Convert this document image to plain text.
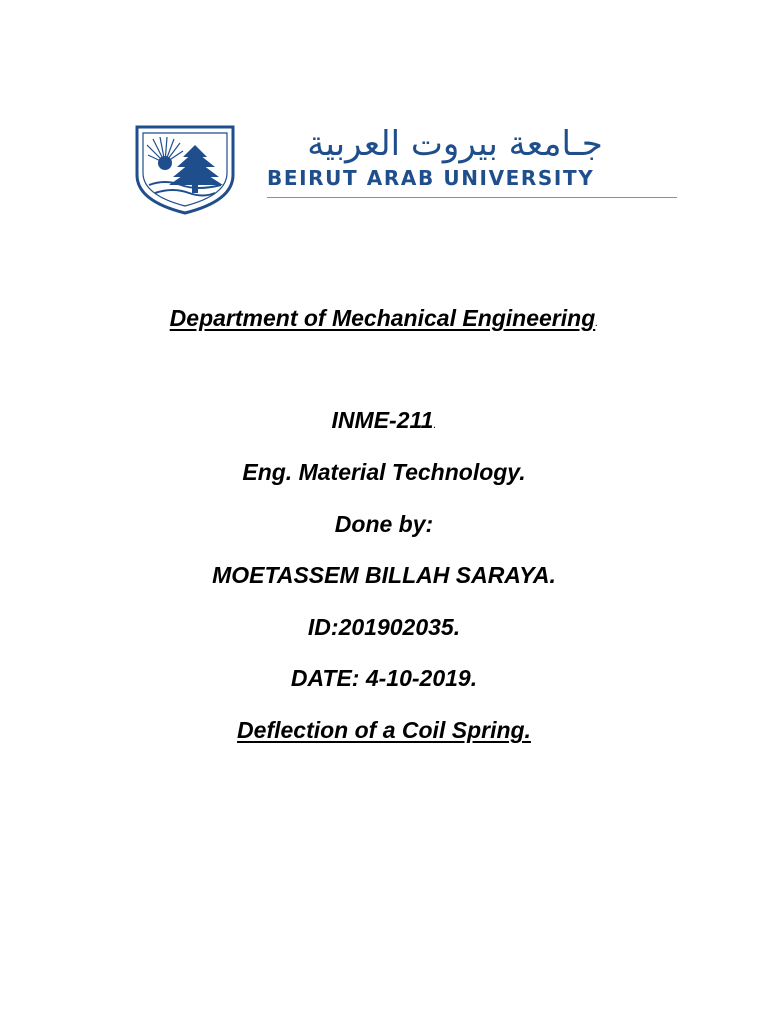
جـامعة بيروت العربية
BEIRUT ARAB UNIVERSITY
Department of Mechanical Engineering.
INME-211.
Eng. Material Technology.
Done by:
MOETASSEM BILLAH SARAYA.
ID:201902035.
DATE: 4-10-2019.
Deflection of a Coil Spring.
